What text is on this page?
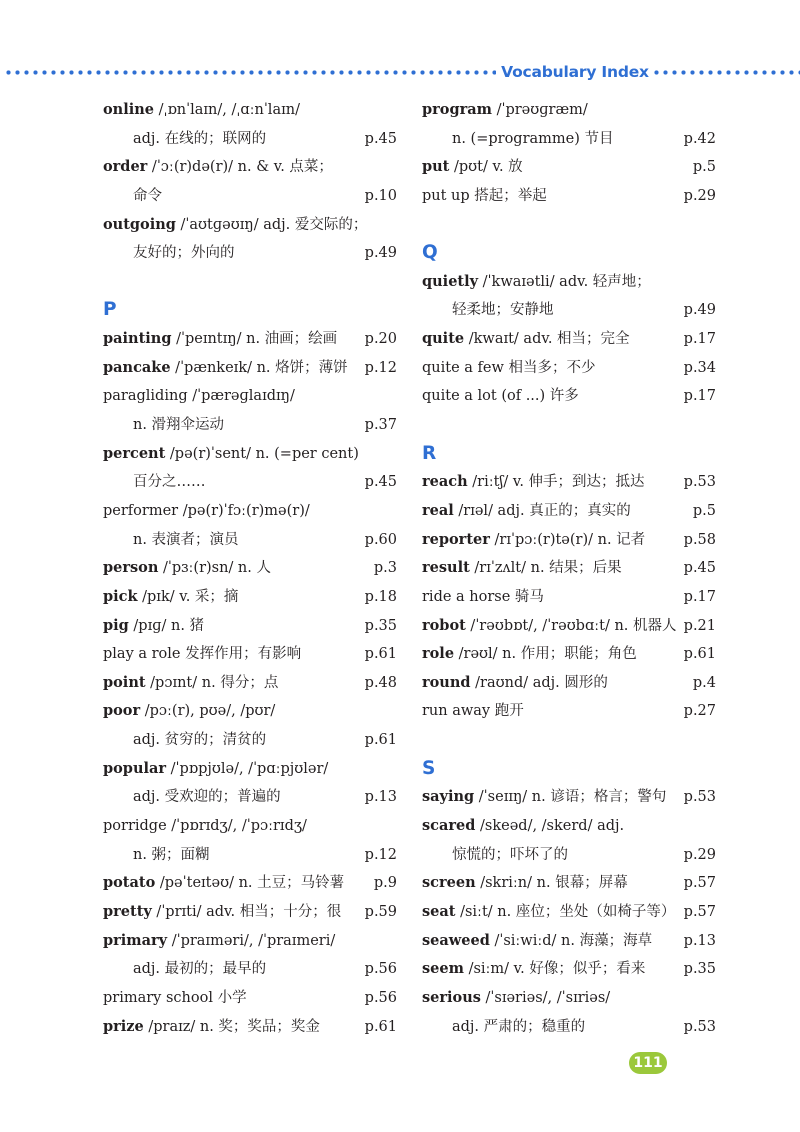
Vocabulary Index
online /ˌɒnˈlaɪn/, /ˌɑːnˈlaɪn/
adj. 在线的；联网的	p.45
order /ˈɔː(r)də(r)/ n. & v. 点菜；
命令	p.10
outgoing /ˈaʊtɡəʊɪŋ/ adj. 爱交际的；
友好的；外向的	p.49
P
painting /ˈpeɪntɪŋ/ n. 油画；绘画 p.20
pancake /ˈpænkeɪk/ n. 烙饼；薄饼 p.12
paragliding /ˈpærəɡlaɪdɪŋ/
n. 滑翔伞运动	p.37
percent /pə(r)ˈsent/ n. (=per cent)
百分之……	p.45
performer /pə(r)ˈfɔː(r)mə(r)/
n. 表演者；演员	p.60
person /ˈpɜː(r)sn/ n. 人	p.3
pick /pɪk/ v. 采；摘	p.18
pig /pɪɡ/ n. 猪	p.35
play a role 发挥作用；有影响	p.61
point /pɔɪnt/ n. 得分；点	p.48
poor /pɔː(r), pʊə/, /pʊr/
adj. 贫穷的；清贫的	p.61
popular /ˈpɒpjʊlə/, /ˈpɑːpjʊlər/
adj. 受欢迎的；普遍的	p.13
porridge /ˈpɒrɪdʒ/, /ˈpɔːrɪdʒ/
n. 粥；面糊	p.12
potato /pəˈteɪtəʊ/ n. 土豆；马铃薯 p.9
pretty /ˈprɪti/ adv. 相当；十分；很 p.59
primary /ˈpraɪməri/, /ˈpraɪmeri/
adj. 最初的；最早的	p.56
primary school 小学	p.56
prize /praɪz/ n. 奖；奖品；奖金	p.61
program /ˈprəʊɡræm/
n. (=programme) 节目	p.42
put /pʊt/ v. 放	p.5
put up 搭起；举起	p.29
Q
quietly /ˈkwaɪətli/ adv. 轻声地；
轻柔地；安静地	p.49
quite /kwaɪt/ adv. 相当；完全	p.17
quite a few 相当多；不少	p.34
quite a lot (of ...) 许多	p.17
R
reach /riːtʃ/ v. 伸手；到达；抵达	p.53
real /rɪəl/ adj. 真正的；真实的	p.5
reporter /rɪˈpɔː(r)tə(r)/ n. 记者	p.58
result /rɪˈzʌlt/ n. 结果；后果	p.45
ride a horse 骑马	p.17
robot /ˈrəʊbɒt/, /ˈrəʊbɑːt/ n. 机器人 p.21
role /rəʊl/ n. 作用；职能；角色	p.61
round /raʊnd/ adj. 圆形的	p.4
run away 跑开	p.27
S
saying /ˈseɪɪŋ/ n. 谚语；格言；警句 p.53
scared /skeəd/, /skerd/ adj.
惊慌的；吓坏了的	p.29
screen /skriːn/ n. 银幕；屏幕	p.57
seat /siːt/ n. 座位；坐处（如椅子等） p.57
seaweed /ˈsiːwiːd/ n. 海藻；海草 p.13
seem /siːm/ v. 好像；似乎；看来	p.35
serious /ˈsɪəriəs/, /ˈsɪriəs/
adj. 严肃的；稳重的	p.53
111
